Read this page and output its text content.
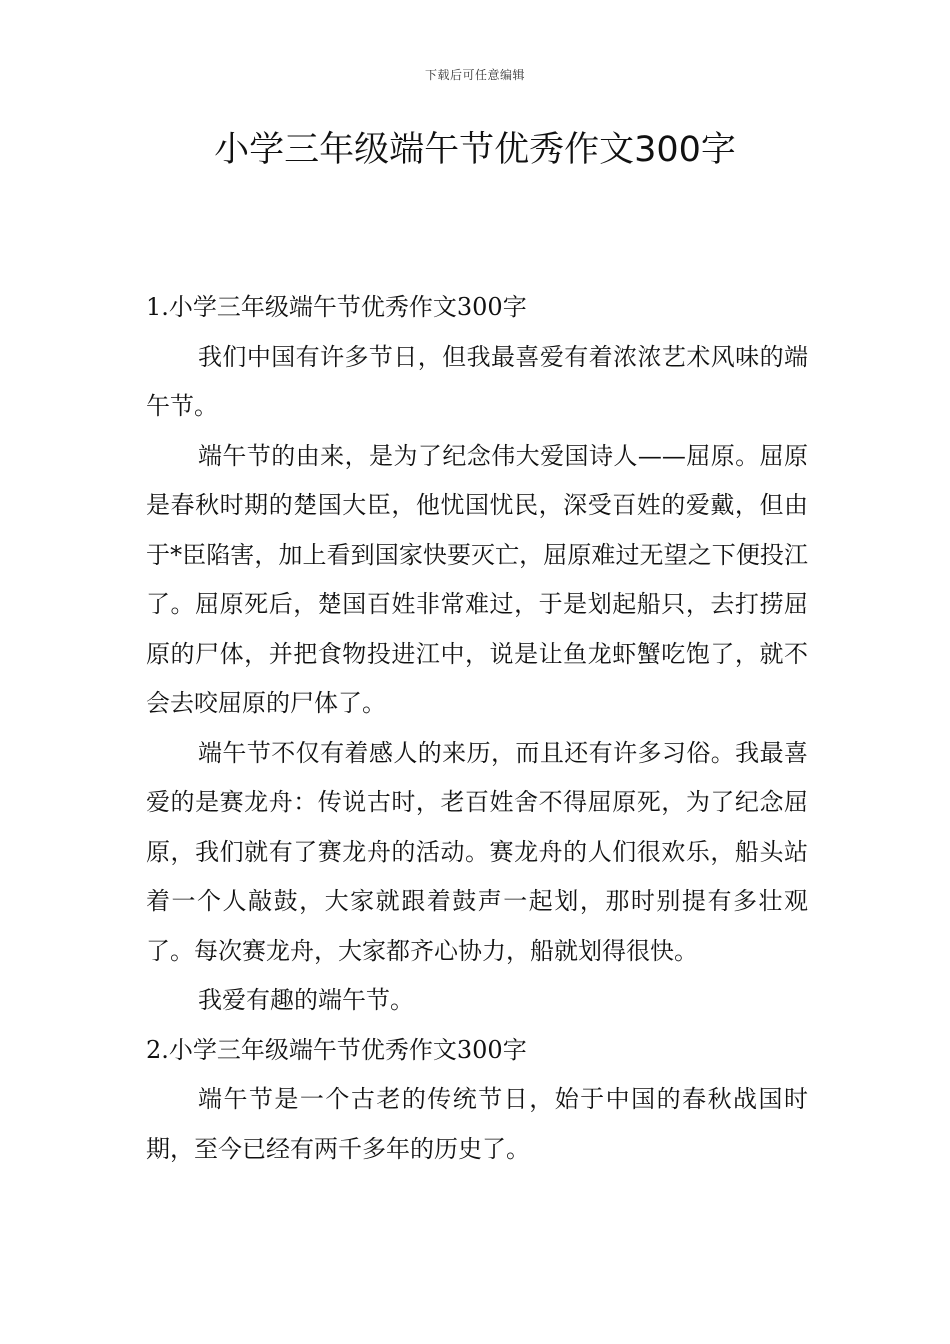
下载后可任意编辑
小学三年级端午节优秀作文300字

1.小学三年级端午节优秀作文300字

我们中国有许多节日，但我最喜爱有着浓浓艺术风味的端午节。

端午节的由来，是为了纪念伟大爱国诗人——屈原。屈原是春秋时期的楚国大臣，他忧国忧民，深受百姓的爱戴，但由于*臣陷害，加上看到国家快要灭亡，屈原难过无望之下便投江了。屈原死后，楚国百姓非常难过，于是划起船只，去打捞屈原的尸体，并把食物投进江中，说是让鱼龙虾蟹吃饱了，就不会去咬屈原的尸体了。

端午节不仅有着感人的来历，而且还有许多习俗。我最喜爱的是赛龙舟：传说古时，老百姓舍不得屈原死，为了纪念屈原，我们就有了赛龙舟的活动。赛龙舟的人们很欢乐，船头站着一个人敲鼓，大家就跟着鼓声一起划，那时别提有多壮观了。每次赛龙舟，大家都齐心协力，船就划得很快。

我爱有趣的端午节。

2.小学三年级端午节优秀作文300字

端午节是一个古老的传统节日，始于中国的春秋战国时期，至今已经有两千多年的历史了。
